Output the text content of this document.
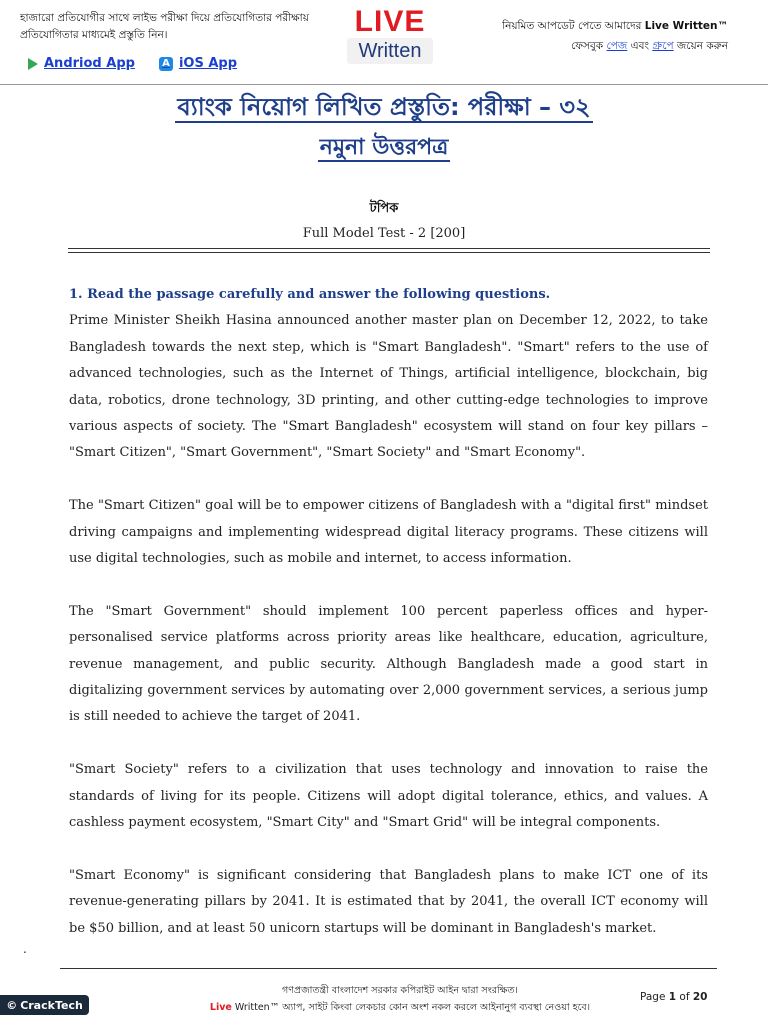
হাজারো প্রতিযোগীর সাথে লাইভ পরীক্ষা দিয়ে প্রতিযোগিতার পরীক্ষায়
প্রতিযোগিতার মাধ্যমেই প্রস্তুতি নিন।
Andriod App	A iOS App
LIVE
Written
নিয়মিত আপডেট পেতে আমাদের Live Written™
ফেসবুক পেজ এবং গ্রুপে জয়েন করুন
ব্যাংক নিয়োগ লিখিত প্রস্তুতি: পরীক্ষা – ৩২
নমুনা উত্তরপত্র
টপিক
Full Model Test - 2 [200]

1. Read the passage carefully and answer the following questions.

Prime Minister Sheikh Hasina announced another master plan on December 12, 2022, to take Bangladesh towards the next step, which is "Smart Bangladesh". "Smart" refers to the use of advanced technologies, such as the Internet of Things, artificial intelligence, blockchain, big data, robotics, drone technology, 3D printing, and other cutting-edge technologies to improve various aspects of society. The "Smart Bangladesh" ecosystem will stand on four key pillars – "Smart Citizen", "Smart Government", "Smart Society" and "Smart Economy".

The "Smart Citizen" goal will be to empower citizens of Bangladesh with a "digital first" mindset driving campaigns and implementing widespread digital literacy programs. These citizens will use digital technologies, such as mobile and internet, to access information.

The "Smart Government" should implement 100 percent paperless offices and hyper-personalised service platforms across priority areas like healthcare, education, agriculture, revenue management, and public security. Although Bangladesh made a good start in digitalizing government services by automating over 2,000 government services, a serious jump is still needed to achieve the target of 2041.

"Smart Society" refers to a civilization that uses technology and innovation to raise the standards of living for its people. Citizens will adopt digital tolerance, ethics, and values. A cashless payment ecosystem, "Smart City" and "Smart Grid" will be integral components.

"Smart Economy" is significant considering that Bangladesh plans to make ICT one of its revenue-generating pillars by 2041. It is estimated that by 2041, the overall ICT economy will be $50 billion, and at least 50 unicorn startups will be dominant in Bangladesh's market.

.
গণপ্রজাতন্ত্রী বাংলাদেশ সরকার কপিরাইট আইন দ্বারা সংরক্ষিত।
Live Written™ অ্যাপ, সাইট কিংবা লেকচার কোন অংশ নকল করলে আইনানুগ ব্যবস্থা নেওয়া হবে।
Page 1 of 20
© CrackTech
